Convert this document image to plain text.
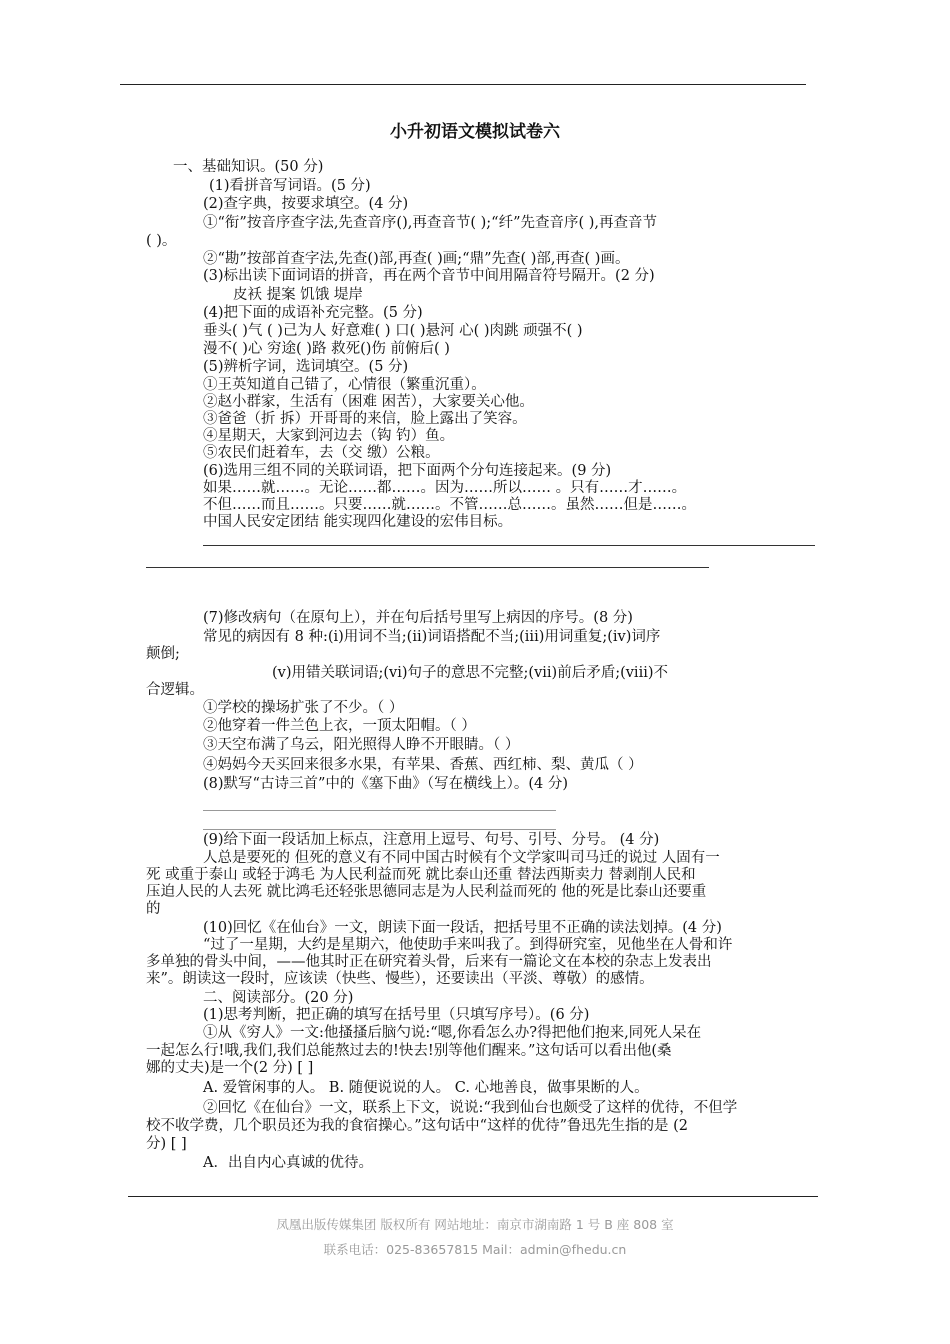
小升初语文模拟试卷六
一、基础知识。(50 分)
(1)看拼音写词语。(5 分)
(2)查字典，按要求填空。(4 分)
①“衔”按音序查字法,先查音序(),再查音节( );“纤”先查音序( ),再查音节
( )。
②“勘”按部首查字法,先查()部,再查( )画;“鼎”先查( )部,再查( )画。
(3)标出读下面词语的拼音，再在两个音节中间用隔音符号隔开。(2 分)
皮袄 提案 饥饿 堤岸
(4)把下面的成语补充完整。(5 分)
垂头( )气 ( )己为人 好意难( ) 口( )悬河 心( )肉跳 顽强不( )
漫不( )心 穷途( )路 救死()伤 前俯后( )
(5)辨析字词，选词填空。(5 分)
①王英知道自己错了，心情很（繁重沉重）。
②赵小群家，生活有（困难 困苦），大家要关心他。
③爸爸（折 拆）开哥哥的来信，脸上露出了笑容。
④星期天，大家到河边去（钩 钓）鱼。
⑤农民们赶着车，去（交 缴）公粮。
(6)选用三组不同的关联词语，把下面两个分句连接起来。(9 分)
如果……就……。无论……都……。因为……所以…… 。只有……才……。
不但……而且……。只要……就……。不管……总……。虽然……但是……。
中国人民安定团结 能实现四化建设的宏伟目标。
(7)修改病句（在原句上），并在句后括号里写上病因的序号。(8 分)
常见的病因有 8 种:(i)用词不当;(ii)词语搭配不当;(iii)用词重复;(iv)词序
颠倒;
(v)用错关联词语;(vi)句子的意思不完整;(vii)前后矛盾;(viii)不
合逻辑。
①学校的操场扩张了不少。（ ）
②他穿着一件兰色上衣，一顶太阳帽。（ ）
③天空布满了乌云，阳光照得人睁不开眼睛。（ ）
④妈妈今天买回来很多水果，有苹果、香蕉、西红柿、梨、黄瓜（ ）
(8)默写“古诗三首”中的《塞下曲》（写在横线上）。(4 分)
(9)给下面一段话加上标点，注意用上逗号、句号、引号、分号。 (4 分)
人总是要死的 但死的意义有不同中国古时候有个文学家叫司马迁的说过 人固有一
死 或重于泰山 或轻于鸿毛 为人民利益而死 就比泰山还重 替法西斯卖力 替剥削人民和
压迫人民的人去死 就比鸿毛还轻张思德同志是为人民利益而死的 他的死是比泰山还要重
的
(10)回忆《在仙台》一文，朗读下面一段话，把括号里不正确的读法划掉。(4 分)
“过了一星期，大约是星期六，他使助手来叫我了。到得研究室，见他坐在人骨和许
多单独的骨头中间，——他其时正在研究着头骨，后来有一篇论文在本校的杂志上发表出
来”。朗读这一段时，应该读（快些、慢些），还要读出（平淡、尊敬）的感情。
二、阅读部分。(20 分)
(1)思考判断，把正确的填写在括号里（只填写序号）。(6 分)
①从《穷人》一文:他搔搔后脑勺说:“嗯,你看怎么办?得把他们抱来,同死人呆在
一起怎么行!哦,我们,我们总能熬过去的!快去!别等他们醒来。”这句话可以看出他(桑
娜的丈夫)是一个(2 分) [ ]
A. 爱管闲事的人。 B. 随便说说的人。 C. 心地善良，做事果断的人。
②回忆《在仙台》一文，联系上下文，说说:“我到仙台也颇受了这样的优待，不但学
校不收学费，几个职员还为我的食宿操心。”这句话中“这样的优待”鲁迅先生指的是 (2
分) [ ]
A．出自内心真诚的优待。
凤凰出版传媒集团 版权所有 网站地址：南京市湖南路 1 号 B 座 808 室
联系电话：025-83657815 Mail：admin@fhedu.cn
